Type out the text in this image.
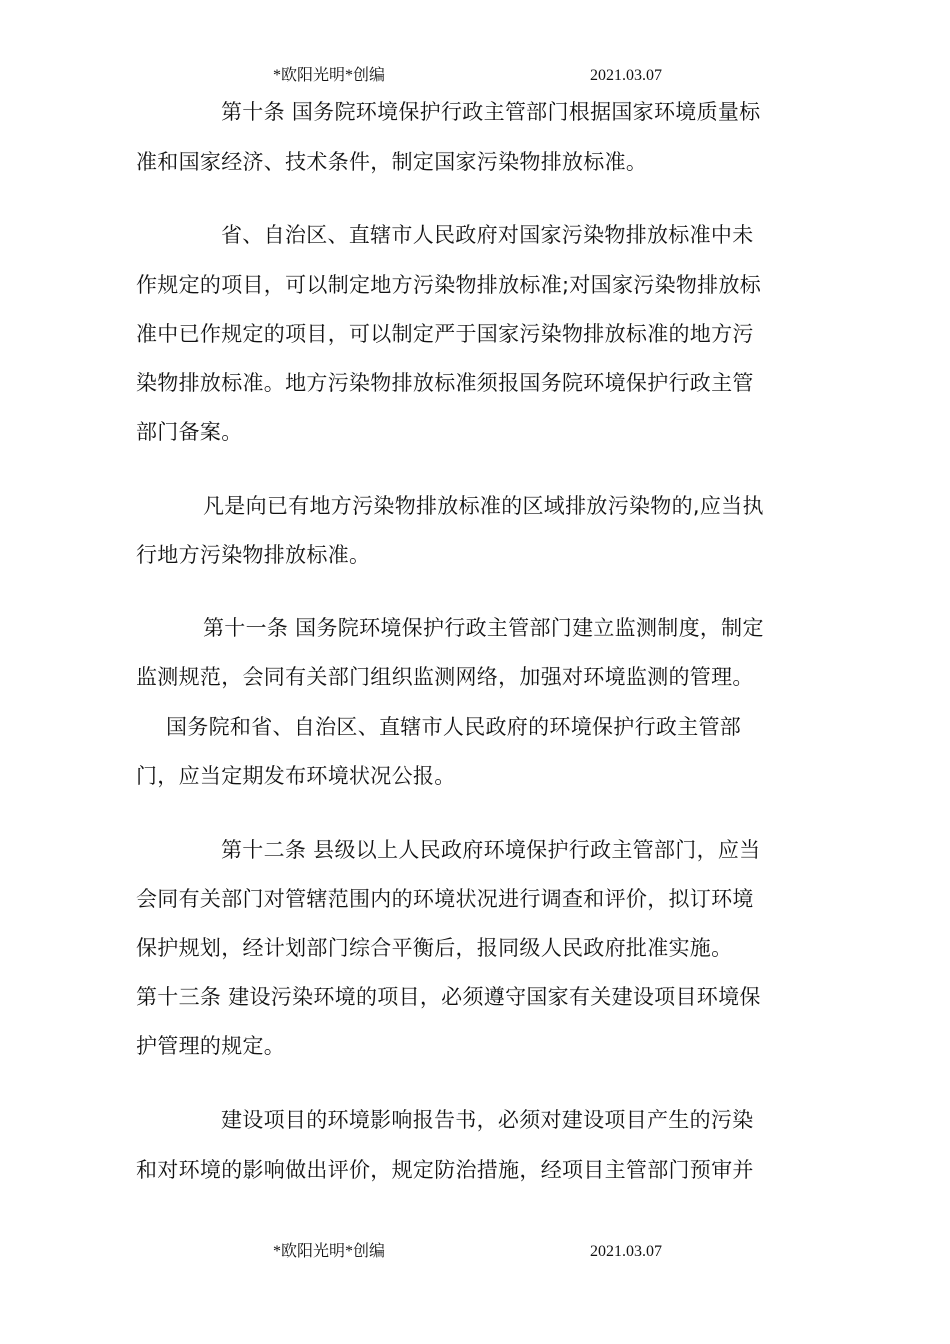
*欧阳光明*创编	2021.03.07
第十条 国务院环境保护行政主管部门根据国家环境质量标
准和国家经济、技术条件，制定国家污染物排放标准。
省、自治区、直辖市人民政府对国家污染物排放标准中未
作规定的项目，可以制定地方污染物排放标准;对国家污染物排放标
准中已作规定的项目，可以制定严于国家污染物排放标准的地方污
染物排放标准。地方污染物排放标准须报国务院环境保护行政主管
部门备案。
凡是向已有地方污染物排放标准的区域排放污染物的,应当执
行地方污染物排放标准。
第十一条 国务院环境保护行政主管部门建立监测制度，制定
监测规范，会同有关部门组织监测网络，加强对环境监测的管理。
国务院和省、自治区、直辖市人民政府的环境保护行政主管部
门，应当定期发布环境状况公报。
第十二条 县级以上人民政府环境保护行政主管部门，应当
会同有关部门对管辖范围内的环境状况进行调查和评价，拟订环境
保护规划，经计划部门综合平衡后，报同级人民政府批准实施。
第十三条 建设污染环境的项目，必须遵守国家有关建设项目环境保
护管理的规定。
建设项目的环境影响报告书，必须对建设项目产生的污染
和对环境的影响做出评价，规定防治措施，经项目主管部门预审并
*欧阳光明*创编	2021.03.07
